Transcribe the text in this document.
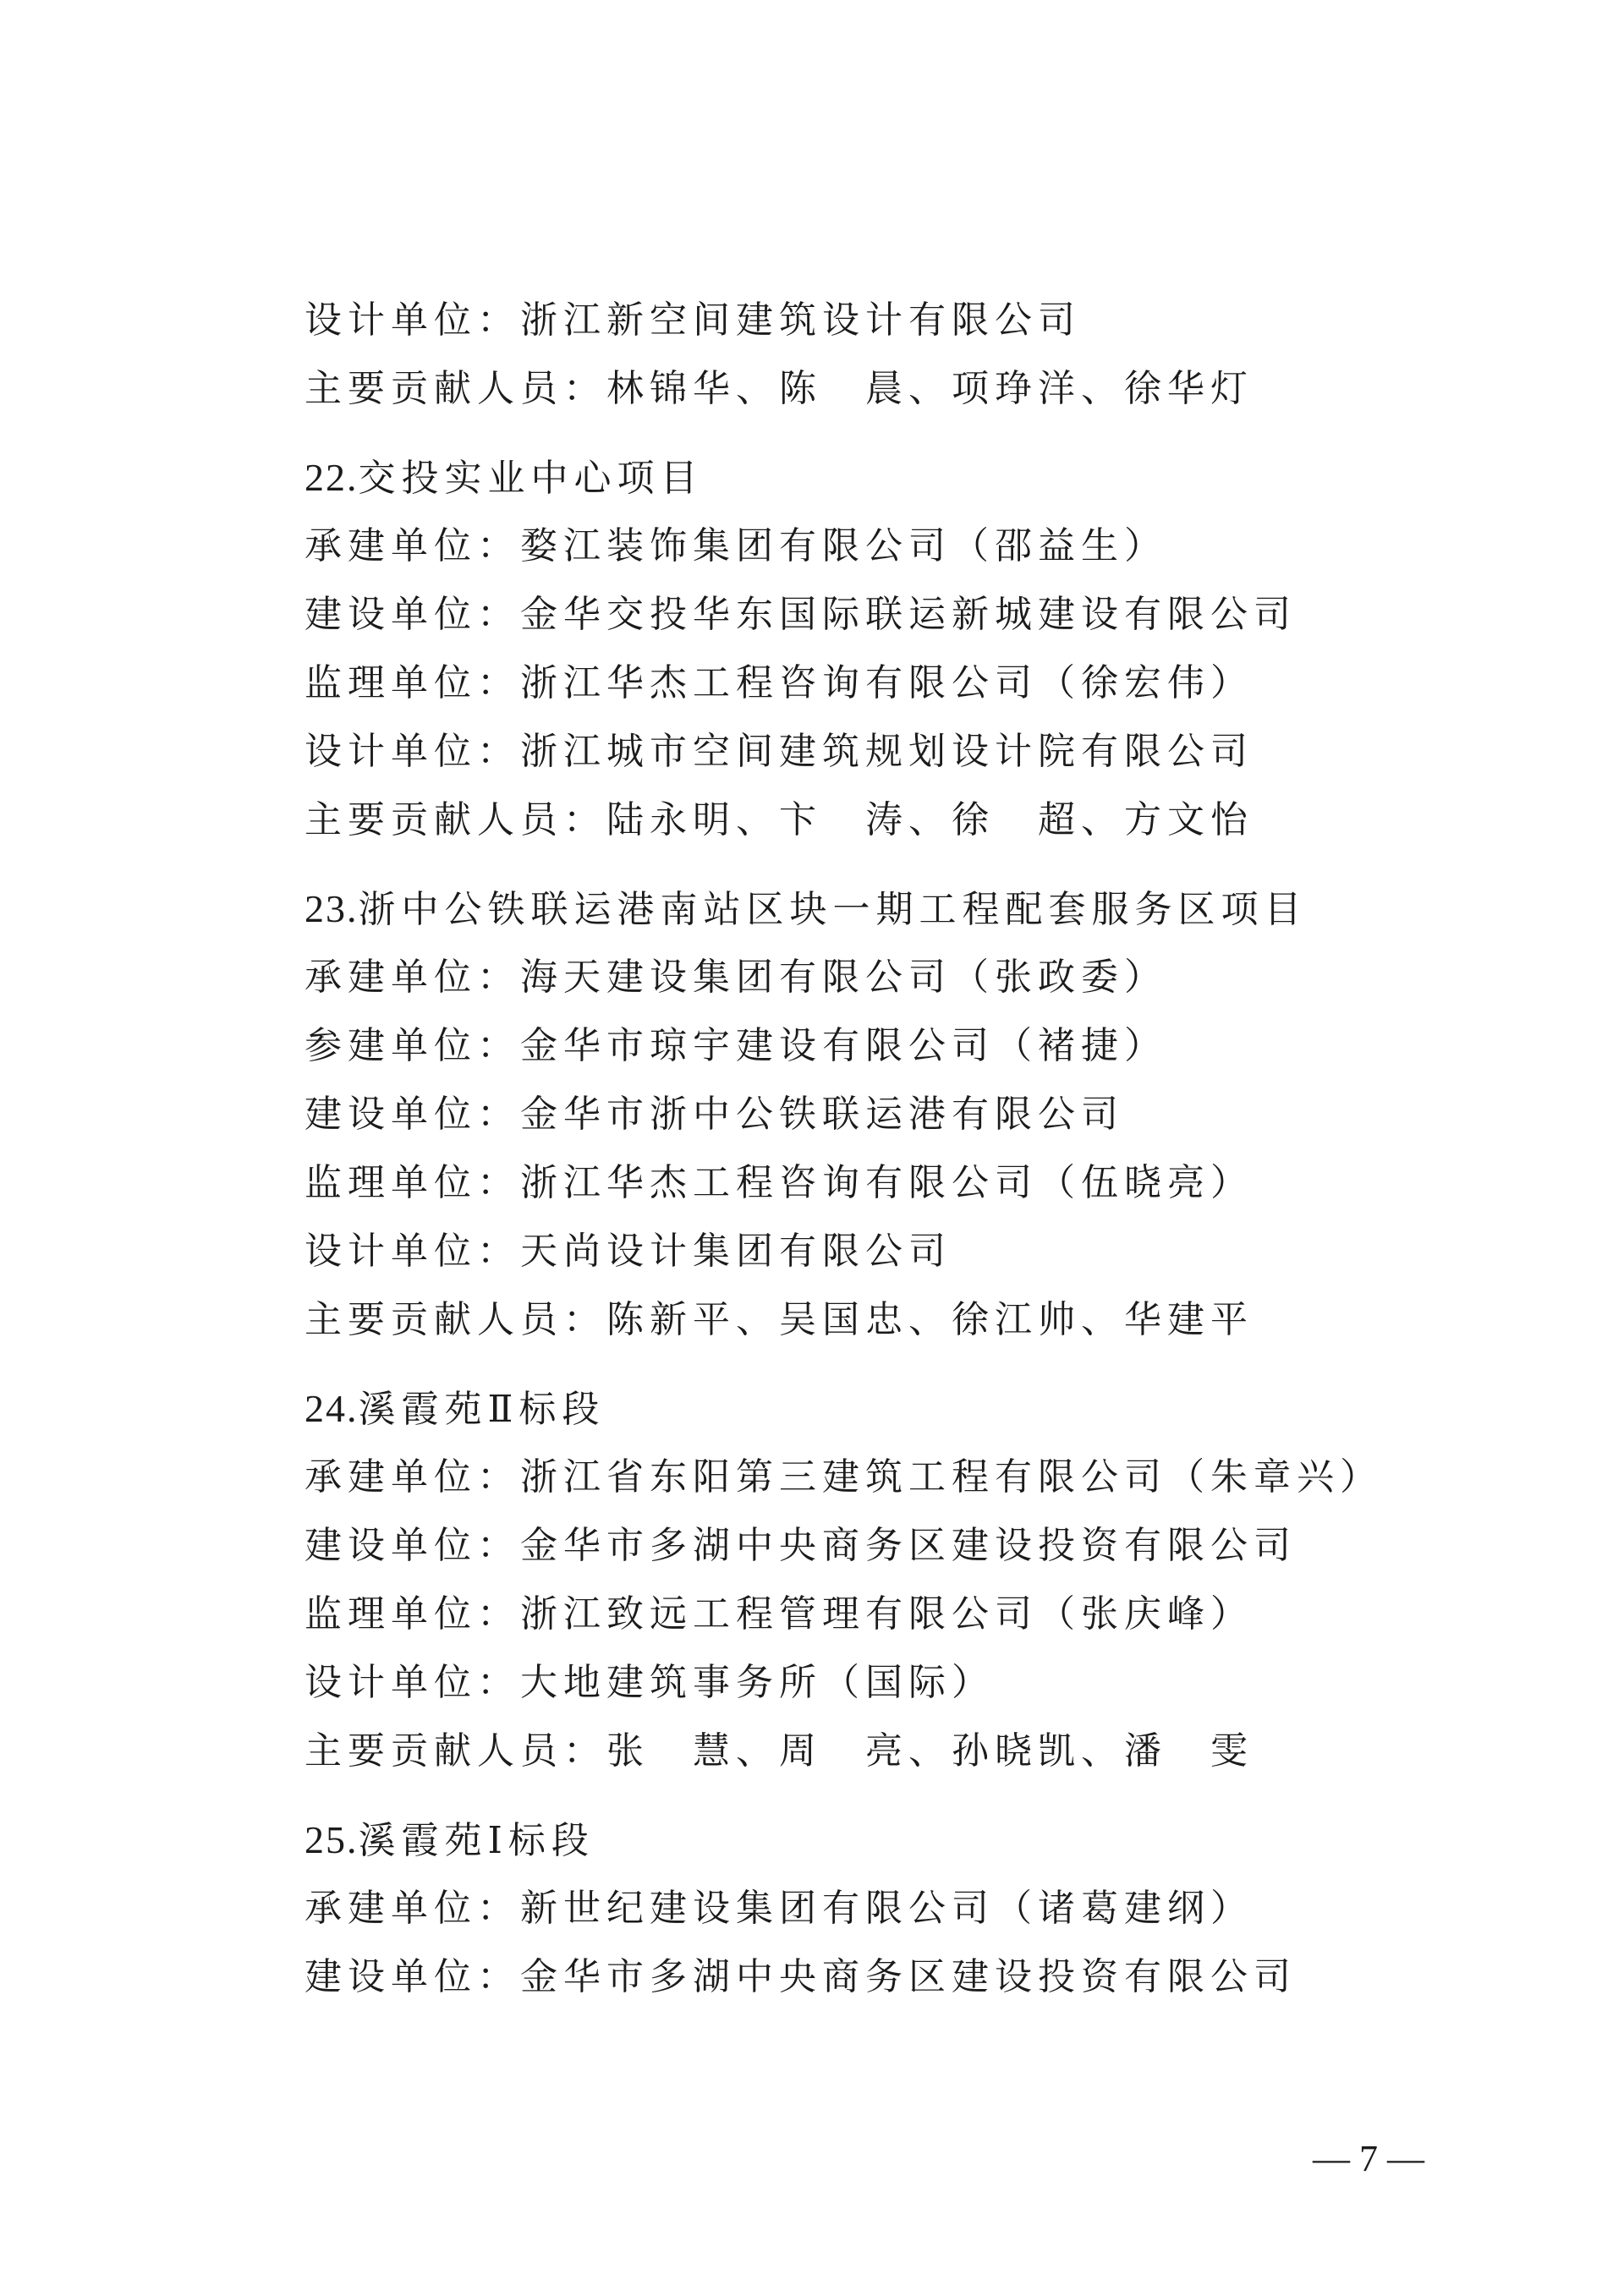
设计单位：浙江新空间建筑设计有限公司
主要贡献人员：林锦华、陈　晨、项琤洋、徐华灯
22.交投实业中心项目
承建单位：婺江装饰集团有限公司（邵益生）
建设单位：金华交投华东国际联运新城建设有限公司
监理单位：浙江华杰工程咨询有限公司（徐宏伟）
设计单位：浙江城市空间建筑规划设计院有限公司
主要贡献人员：陆永明、卞　涛、徐　超、方文怡
23.浙中公铁联运港南站区块一期工程配套服务区项目
承建单位：海天建设集团有限公司（张政委）
参建单位：金华市琼宇建设有限公司（褚捷）
建设单位：金华市浙中公铁联运港有限公司
监理单位：浙江华杰工程咨询有限公司（伍晓亮）
设计单位：天尚设计集团有限公司
主要贡献人员：陈新平、吴国忠、徐江帅、华建平
24.溪霞苑Ⅱ标段
承建单位：浙江省东阳第三建筑工程有限公司（朱章兴）
建设单位：金华市多湖中央商务区建设投资有限公司
监理单位：浙江致远工程管理有限公司（张庆峰）
设计单位：大地建筑事务所（国际）
主要贡献人员：张　慧、周　亮、孙晓凯、潘　雯
25.溪霞苑Ⅰ标段
承建单位：新世纪建设集团有限公司（诸葛建纲）
建设单位：金华市多湖中央商务区建设投资有限公司
— 7 —
